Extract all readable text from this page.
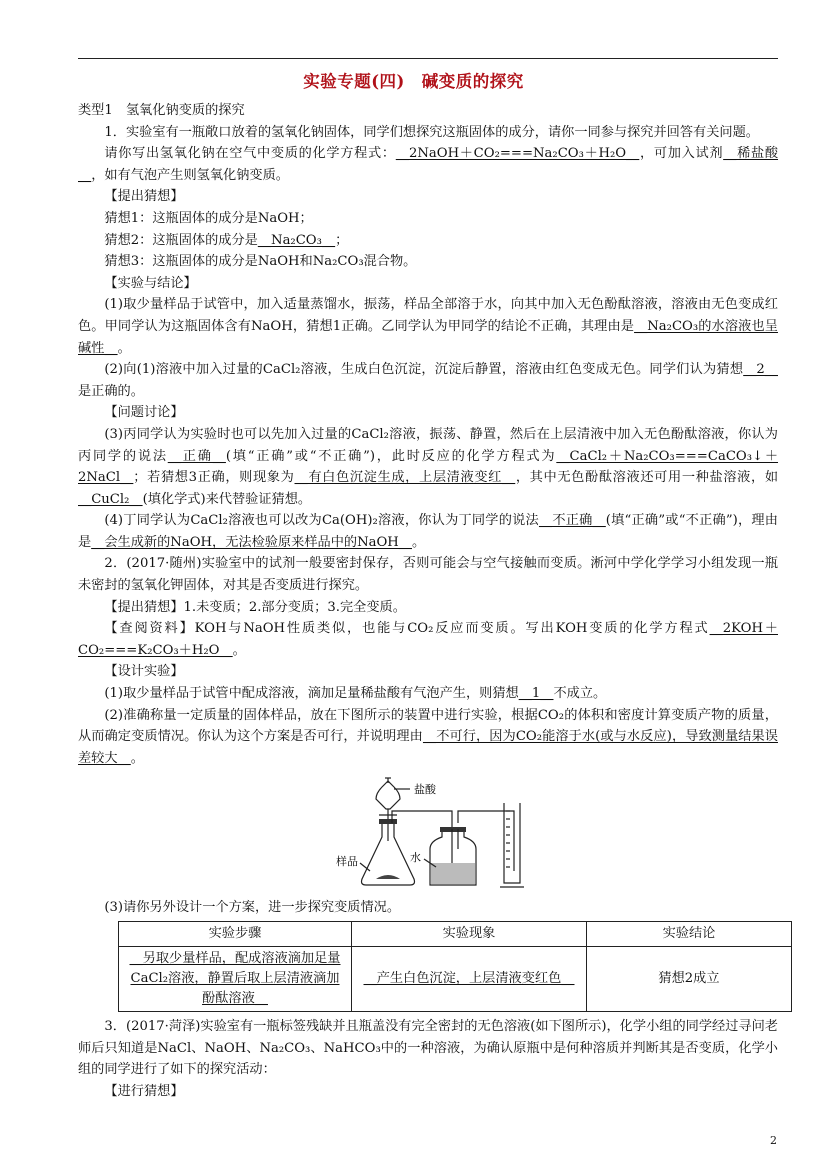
实验专题(四)　碱变质的探究

类型1　氢氧化钠变质的探究

1．实验室有一瓶敞口放着的氢氧化钠固体，同学们想探究这瓶固体的成分，请你一同参与探究并回答有关问题。

请你写出氢氧化钠在空气中变质的化学方程式：__2NaOH＋CO₂===Na₂CO₃＋H₂O__，可加入试剂__稀盐酸__，如有气泡产生则氢氧化钠变质。

【提出猜想】

猜想1：这瓶固体的成分是NaOH；

猜想2：这瓶固体的成分是__Na₂CO₃__；

猜想3：这瓶固体的成分是NaOH和Na₂CO₃混合物。

【实验与结论】

(1)取少量样品于试管中，加入适量蒸馏水，振荡，样品全部溶于水，向其中加入无色酚酞溶液，溶液由无色变成红色。甲同学认为这瓶固体含有NaOH，猜想1正确。乙同学认为甲同学的结论不正确，其理由是__Na₂CO₃的水溶液也呈碱性__。

(2)向(1)溶液中加入过量的CaCl₂溶液，生成白色沉淀，沉淀后静置，溶液由红色变成无色。同学们认为猜想__2__是正确的。

【问题讨论】

(3)丙同学认为实验时也可以先加入过量的CaCl₂溶液，振荡、静置，然后在上层清液中加入无色酚酞溶液，你认为丙同学的说法__正确__(填“正确”或“不正确”)，此时反应的化学方程式为__CaCl₂＋Na₂CO₃===CaCO₃↓＋2NaCl__；若猜想3正确，则现象为__有白色沉淀生成，上层清液变红__，其中无色酚酞溶液还可用一种盐溶液，如__CuCl₂__(填化学式)来代替验证猜想。

(4)丁同学认为CaCl₂溶液也可以改为Ca(OH)₂溶液，你认为丁同学的说法__不正确__(填“正确”或“不正确”)，理由是__会生成新的NaOH，无法检验原来样品中的NaOH__。

2．(2017·随州)实验室中的试剂一般要密封保存，否则可能会与空气接触而变质。淅河中学化学学习小组发现一瓶未密封的氢氧化钾固体，对其是否变质进行探究。

【提出猜想】1.未变质；2.部分变质；3.完全变质。

【查阅资料】KOH与NaOH性质类似，也能与CO₂反应而变质。写出KOH变质的化学方程式__2KOH＋CO₂===K₂CO₃＋H₂O__。

【设计实验】

(1)取少量样品于试管中配成溶液，滴加足量稀盐酸有气泡产生，则猜想__1__不成立。

(2)准确称量一定质量的固体样品，放在下图所示的装置中进行实验，根据CO₂的体积和密度计算变质产物的质量，从而确定变质情况。你认为这个方案是否可行，并说明理由__不可行，因为CO₂能溶于水(或与水反应)，导致测量结果误差较大__。

盐酸
样品	水

(3)请你另外设计一个方案，进一步探究变质情况。

实验步骤	实验现象	实验结论
__另取少量样品，配成溶液滴加足量CaCl₂溶液，静置后取上层清液滴加酚酞溶液__	__产生白色沉淀，上层清液变红色__	猜想2成立

3．(2017·菏泽)实验室有一瓶标签残缺并且瓶盖没有完全密封的无色溶液(如下图所示)，化学小组的同学经过寻问老师后只知道是NaCl、NaOH、Na₂CO₃、NaHCO₃中的一种溶液，为确认原瓶中是何种溶质并判断其是否变质，化学小组的同学进行了如下的探究活动：

【进行猜想】

2
